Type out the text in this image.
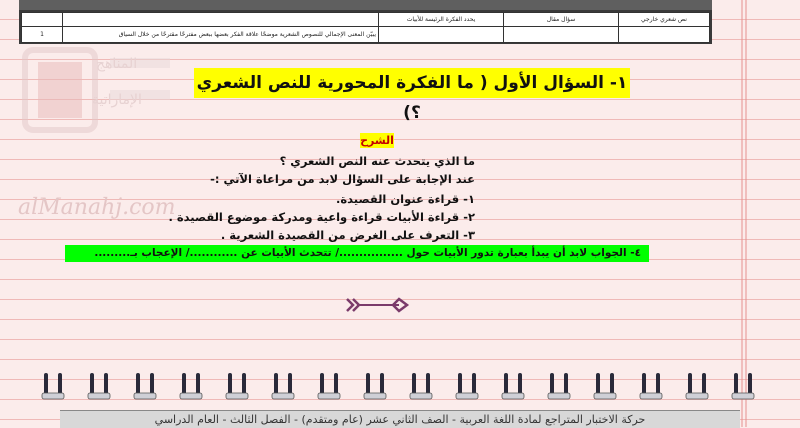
المناهج
الإماراتية
alManahj.com
نص شعري خارجي	سؤال مقال	يحدد الفكرة الرئيسة للأبيات		
			يبيّن المعنى الإجمالي للنصوص الشعرية موضحًا علاقة الفكر بعضها ببعض مفترحًا مقترحًا من خلال السياق	1
١- السؤال الأول ( ما الفكرة المحورية للنص الشعري ؟)
الشرح
ما الذي يتحدث عنه النص الشعري ؟
عند الإجابة على السؤال لابد من مراعاة الآتي :-
١- قراءة عنوان القصيدة.
٢- قراءة الأبيات قراءة واعية ومدركة موضوع القصيدة .
٣- التعرف على الغرض من القصيدة الشعرية .
٤- الجواب لابد أن يبدأ بعبارة تدور الأبيات حول ................/ تتحدث الأبيات عن ............/ الإعجاب بـ.........
حركة الاختبار المتراجع لمادة اللغة العربية - الصف الثاني عشر (عام ومتقدم) - الفصل الثالث - العام الدراسي
